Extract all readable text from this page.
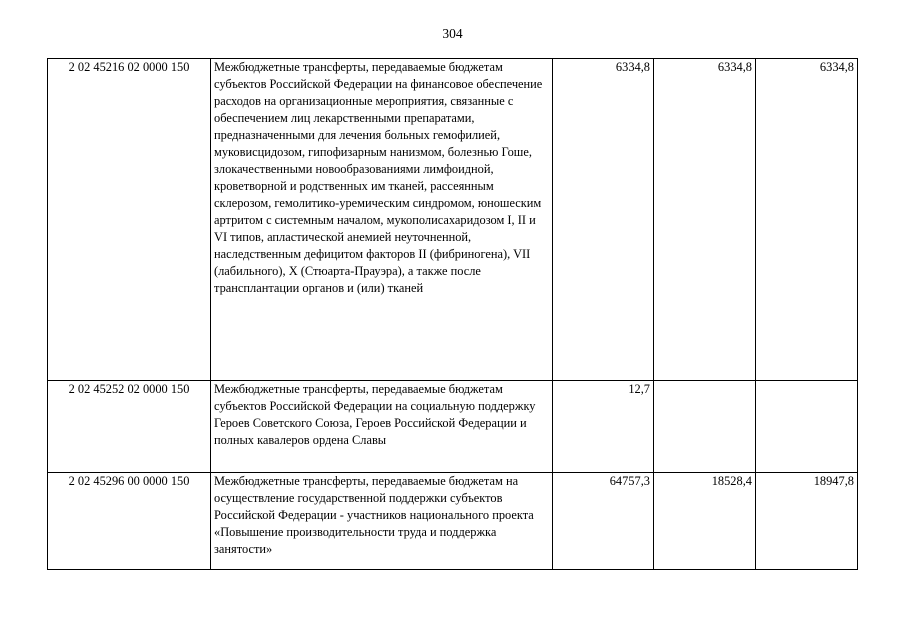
304
2 02 45216 02 0000 150	Межбюджетные трансферты, передаваемые бюджетам субъектов Российской Федерации на финансовое обеспечение расходов на организационные мероприятия, связанные с обеспечением лиц лекарственными препаратами, предназначенными для лечения больных гемофилией, муковисцидозом, гипофизарным нанизмом, болезнью Гоше, злокачественными новообразованиями лимфоидной, кроветворной и родственных им тканей, рассеянным склерозом, гемолитико-уремическим синдромом, юношеским артритом с системным началом, мукополисахаридозом I, II и VI типов, апластической анемией неуточненной, наследственным дефицитом факторов II (фибриногена), VII (лабильного), X (Стюарта-Прауэра), а также после трансплантации органов и (или) тканей	6334,8	6334,8	6334,8
2 02 45252 02 0000 150	Межбюджетные трансферты, передаваемые бюджетам субъектов Российской Федерации на социальную поддержку Героев Советского Союза, Героев Российской Федерации и полных кавалеров ордена Славы	12,7		
2 02 45296 00 0000 150	Межбюджетные трансферты, передаваемые бюджетам на осуществление государственной поддержки субъектов Российской Федерации - участников национального проекта «Повышение производительности труда и поддержка занятости»	64757,3	18528,4	18947,8
